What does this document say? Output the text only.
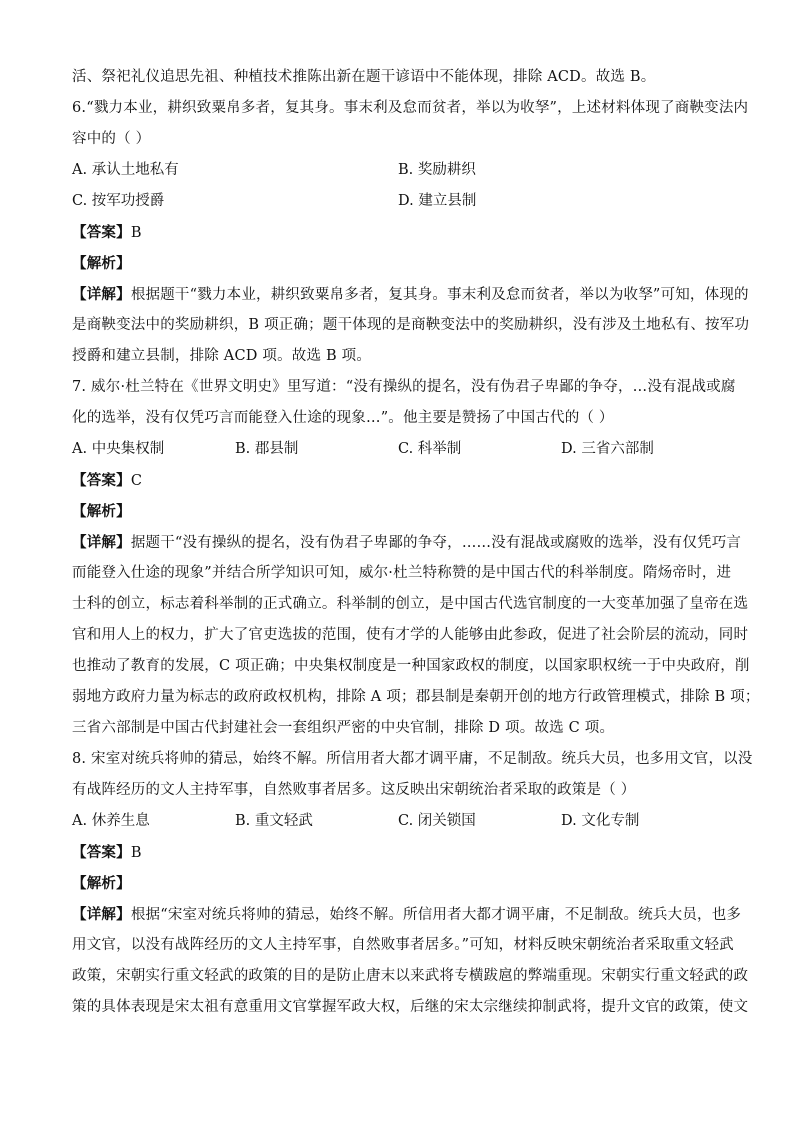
活、祭祀礼仪追思先祖、种植技术推陈出新在题干谚语中不能体现，排除 ACD。故选 B。
6.“戮力本业，耕织致粟帛多者，复其身。事末利及怠而贫者，举以为收孥”，上述材料体现了商鞅变法内
容中的（ ）
A. 承认土地私有	B. 奖励耕织
C. 按军功授爵	D. 建立县制
【答案】B
【解析】
【详解】根据题干“戮力本业，耕织致粟帛多者，复其身。事末利及怠而贫者，举以为收孥”可知，体现的
是商鞅变法中的奖励耕织，B 项正确；题干体现的是商鞅变法中的奖励耕织，没有涉及土地私有、按军功
授爵和建立县制，排除 ACD 项。故选 B 项。
7. 威尔·杜兰特在《世界文明史》里写道：“没有操纵的提名，没有伪君子卑鄙的争夺，…没有混战或腐
化的选举，没有仅凭巧言而能登入仕途的现象…”。他主要是赞扬了中国古代的（ ）
A. 中央集权制	B. 郡县制	C. 科举制	D. 三省六部制
【答案】C
【解析】
【详解】据题干“没有操纵的提名，没有伪君子卑鄙的争夺，……没有混战或腐败的选举，没有仅凭巧言
而能登入仕途的现象”并结合所学知识可知，威尔·杜兰特称赞的是中国古代的科举制度。隋炀帝时，进
士科的创立，标志着科举制的正式确立。科举制的创立，是中国古代选官制度的一大变革加强了皇帝在选
官和用人上的权力，扩大了官吏选拔的范围，使有才学的人能够由此参政，促进了社会阶层的流动，同时
也推动了教育的发展，C 项正确；中央集权制度是一种国家政权的制度，以国家职权统一于中央政府，削
弱地方政府力量为标志的政府政权机构，排除 A 项；郡县制是秦朝开创的地方行政管理模式，排除 B 项；
三省六部制是中国古代封建社会一套组织严密的中央官制，排除 D 项。故选 C 项。
8. 宋室对统兵将帅的猜忌，始终不解。所信用者大都才调平庸，不足制敌。统兵大员，也多用文官，以没
有战阵经历的文人主持军事，自然败事者居多。这反映出宋朝统治者采取的政策是（ ）
A. 休养生息	B. 重文轻武	C. 闭关锁国	D. 文化专制
【答案】B
【解析】
【详解】根据“宋室对统兵将帅的猜忌，始终不解。所信用者大都才调平庸，不足制敌。统兵大员，也多
用文官，以没有战阵经历的文人主持军事，自然败事者居多。”可知，材料反映宋朝统治者采取重文轻武
政策，宋朝实行重文轻武的政策的目的是防止唐末以来武将专横跋扈的弊端重现。宋朝实行重文轻武的政
策的具体表现是宋太祖有意重用文官掌握军政大权，后继的宋太宗继续抑制武将，提升文官的政策，使文
